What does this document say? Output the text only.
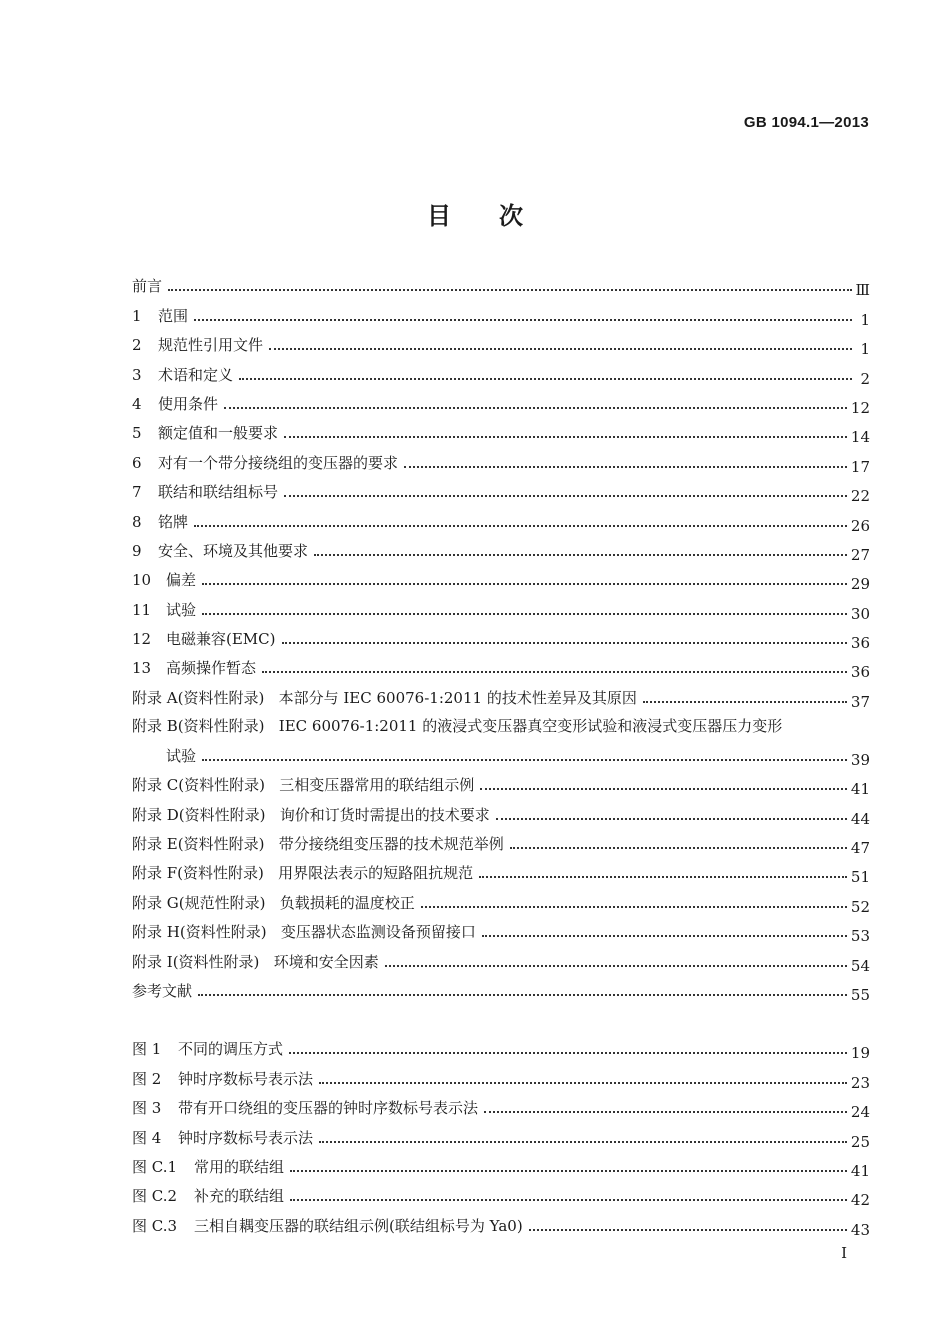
GB 1094.1—2013
目次
前言	Ⅲ
1 范围	1
2 规范性引用文件	1
3 术语和定义	2
4 使用条件	12
5 额定值和一般要求	14
6 对有一个带分接绕组的变压器的要求	17
7 联结和联结组标号	22
8 铭牌	26
9 安全、环境及其他要求	27
10 偏差	29
11 试验	30
12 电磁兼容(EMC)	36
13 高频操作暂态	36
附录 A(资料性附录)   本部分与 IEC 60076-1:2011 的技术性差异及其原因	37
附录 B(资料性附录)   IEC 60076-1:2011 的液浸式变压器真空变形试验和液浸式变压器压力变形
试验	39
附录 C(资料性附录)   三相变压器常用的联结组示例	41
附录 D(资料性附录)   询价和订货时需提出的技术要求	44
附录 E(资料性附录)   带分接绕组变压器的技术规范举例	47
附录 F(资料性附录)   用界限法表示的短路阻抗规范	51
附录 G(规范性附录)   负载损耗的温度校正	52
附录 H(资料性附录)   变压器状态监测设备预留接口	53
附录 I(资料性附录)   环境和安全因素	54
参考文献	55
图 1 不同的调压方式	19
图 2 钟时序数标号表示法	23
图 3 带有开口绕组的变压器的钟时序数标号表示法	24
图 4 钟时序数标号表示法	25
图 C.1 常用的联结组	41
图 C.2 补充的联结组	42
图 C.3 三相自耦变压器的联结组示例(联结组标号为 Ya0)	43
I
